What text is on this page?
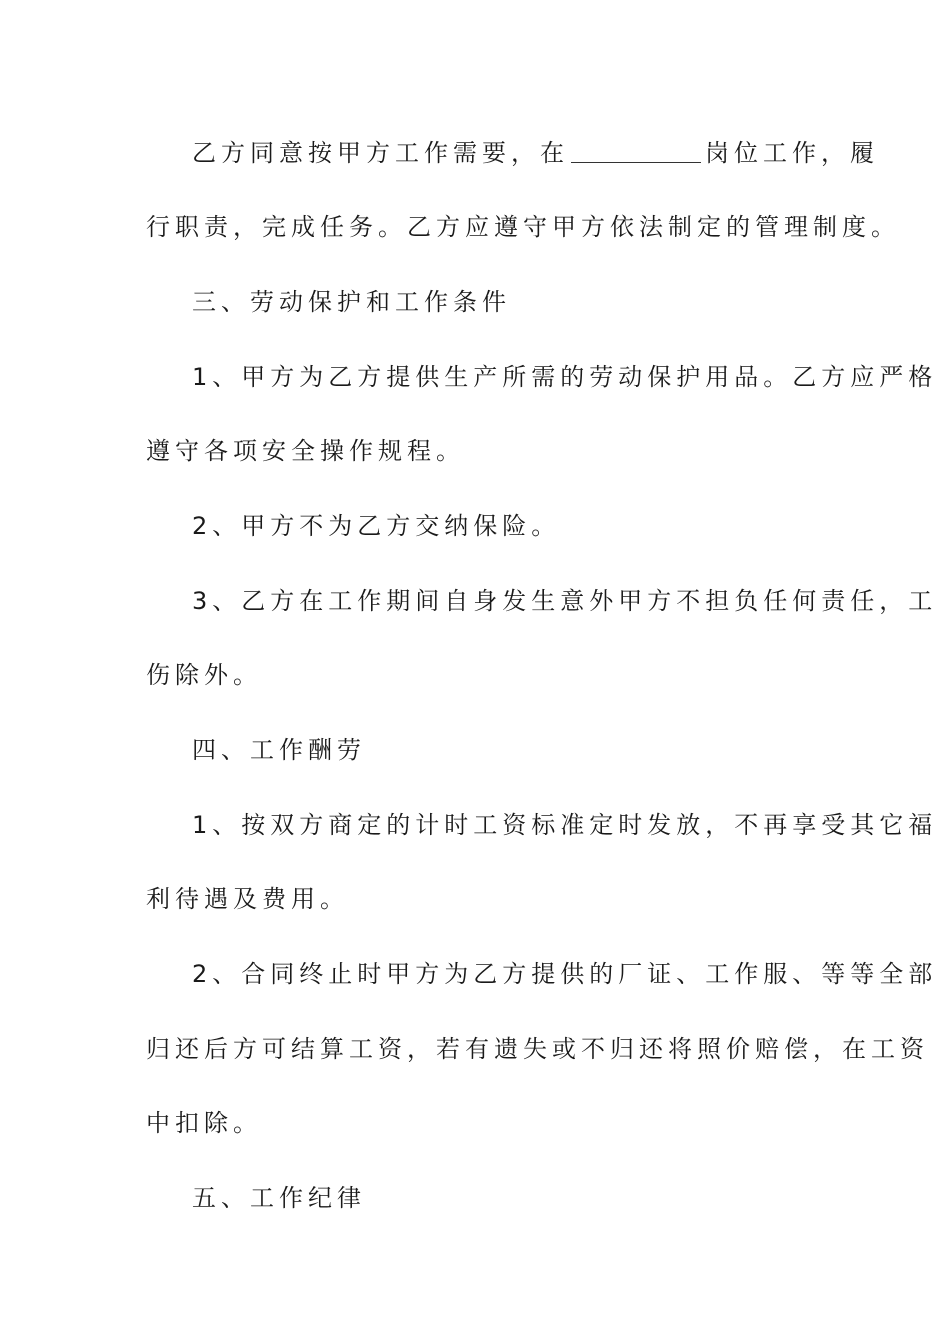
乙方同意按甲方工作需要，在	岗位工作，履
行职责，完成任务。乙方应遵守甲方依法制定的管理制度。
三、劳动保护和工作条件
1、甲方为乙方提供生产所需的劳动保护用品。乙方应严格
遵守各项安全操作规程。
2、甲方不为乙方交纳保险。
3、乙方在工作期间自身发生意外甲方不担负任何责任，工
伤除外。
四、工作酬劳
1、按双方商定的计时工资标准定时发放，不再享受其它福
利待遇及费用。
2、合同终止时甲方为乙方提供的厂证、工作服、等等全部
归还后方可结算工资，若有遗失或不归还将照价赔偿，在工资
中扣除。
五、工作纪律
